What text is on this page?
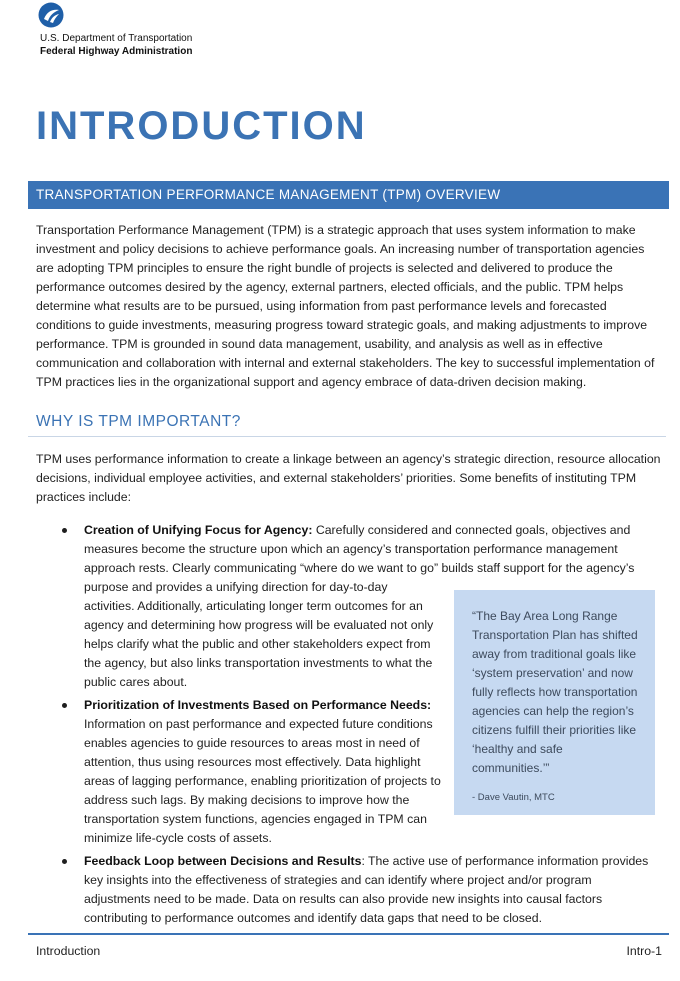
U.S. Department of Transportation
Federal Highway Administration
INTRODUCTION
TRANSPORTATION PERFORMANCE MANAGEMENT (TPM) OVERVIEW

Transportation Performance Management (TPM) is a strategic approach that uses system information to make investment and policy decisions to achieve performance goals. An increasing number of transportation agencies are adopting TPM principles to ensure the right bundle of projects is selected and delivered to produce the performance outcomes desired by the agency, external partners, elected officials, and the public. TPM helps determine what results are to be pursued, using information from past performance levels and forecasted conditions to guide investments, measuring progress toward strategic goals, and making adjustments to improve performance. TPM is grounded in sound data management, usability, and analysis as well as in effective communication and collaboration with internal and external stakeholders. The key to successful implementation of TPM practices lies in the organizational support and agency embrace of data-driven decision making.

WHY IS TPM IMPORTANT?

TPM uses performance information to create a linkage between an agency’s strategic direction, resource allocation decisions, individual employee activities, and external stakeholders’ priorities. Some benefits of instituting TPM practices include:

Creation of Unifying Focus for Agency: Carefully considered and connected goals, objectives and measures become the structure upon which an agency’s transportation performance management approach rests. Clearly communicating “where do we want to go” builds staff support for the agency’s purpose and provides a unifying direction for day-to-day
activities. Additionally, articulating longer term outcomes for an agency and determining how progress will be evaluated not only helps clarify what the public and other stakeholders expect from the agency, but also links transportation investments to what the public cares about.
Prioritization of Investments Based on Performance Needs: Information on past performance and expected future conditions enables agencies to guide resources to areas most in need of attention, thus using resources most effectively. Data highlight areas of lagging performance, enabling prioritization of projects to address such lags. By making decisions to improve how the transportation system functions, agencies engaged in TPM can minimize life-cycle costs of assets.
Feedback Loop between Decisions and Results: The active use of performance information provides key insights into the effectiveness of strategies and can identify where project and/or program adjustments need to be made. Data on results can also provide new insights into causal factors contributing to performance outcomes and identify data gaps that need to be closed.
“The Bay Area Long Range Transportation Plan has shifted away from traditional goals like ‘system preservation’ and now fully reflects how transportation agencies can help the region’s citizens fulfill their priorities like ‘healthy and safe communities.’”
- Dave Vautin, MTC
Introduction	Intro-1
